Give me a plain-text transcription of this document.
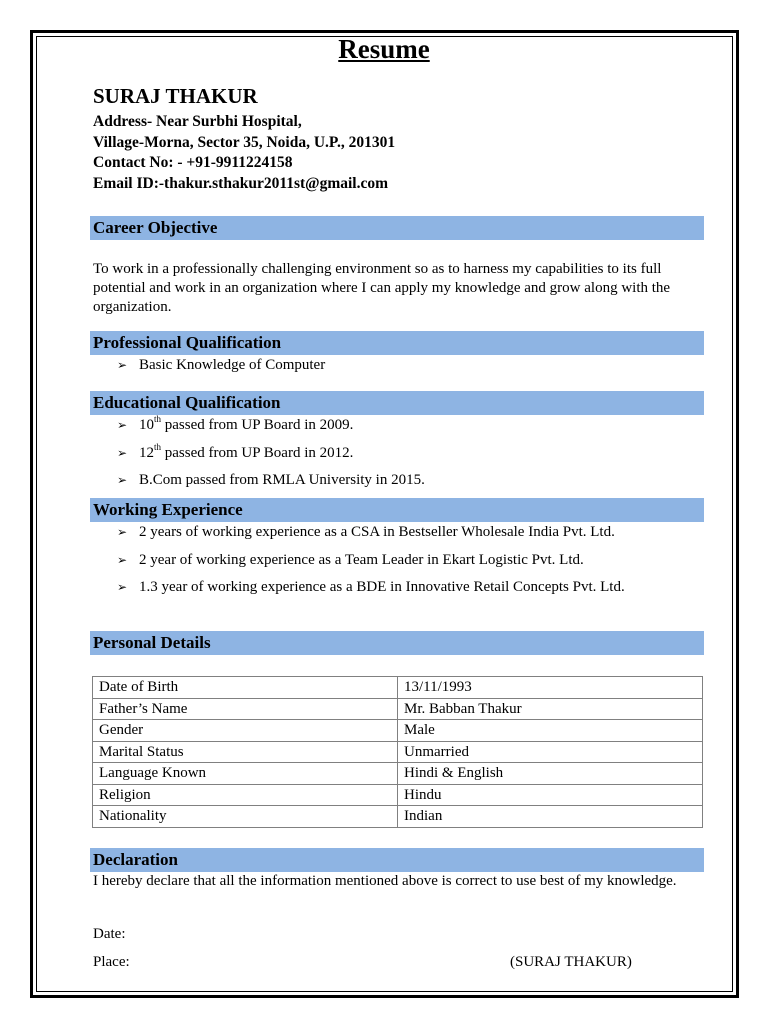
Resume
SURAJ THAKUR
Address- Near Surbhi Hospital,
Village-Morna, Sector 35, Noida, U.P., 201301
Contact No: - +91-9911224158
Email ID:-thakur.sthakur2011st@gmail.com
Career Objective
To work in a professionally challenging environment so as to harness my capabilities to its full potential and work in an organization where I can apply my knowledge and grow along with the organization.
Professional Qualification
➢ Basic Knowledge of Computer
Educational Qualification
➢ 10th passed from UP Board in 2009.
➢ 12th passed from UP Board in 2012.
➢ B.Com passed from RMLA University in 2015.
Working Experience
➢ 2 years of working experience as a CSA in Bestseller Wholesale India Pvt. Ltd.
➢ 2 year of working experience as a Team Leader in Ekart Logistic Pvt. Ltd.
➢ 1.3 year of working experience as a BDE in Innovative Retail Concepts Pvt. Ltd.
Personal Details
Date of Birth	13/11/1993
Father’s Name	Mr. Babban Thakur
Gender	Male
Marital Status	Unmarried
Language Known	Hindi & English
Religion	Hindu
Nationality	Indian
Declaration
I hereby declare that all the information mentioned above is correct to use best of my knowledge.
Date:
Place:	(SURAJ THAKUR)
